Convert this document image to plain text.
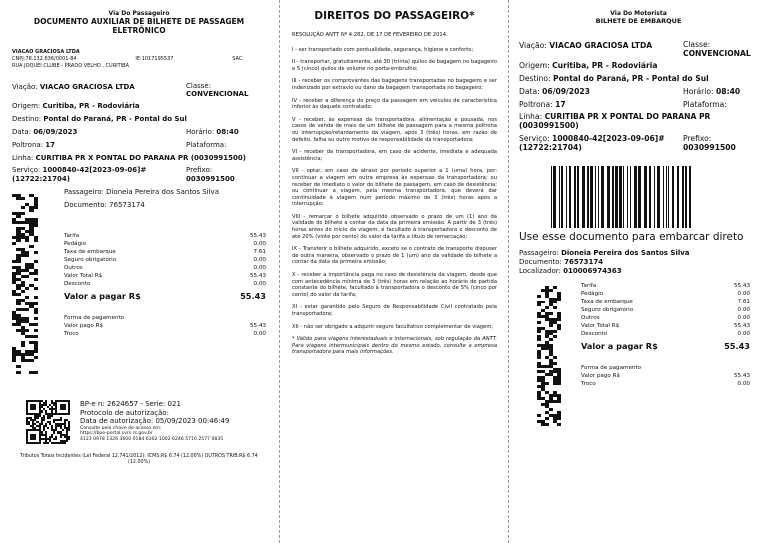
Via Do Passageiro
DOCUMENTO AUXILIAR DE BILHETE DE PASSAGEM ELETRÔNICO
VIACAO GRACIOSA LTDA
CNPJ:78.132.636/0001-84	IE:1017195537	SAC:
RUA JOQUEI CLUBE - PRADO VELHO , CURITIBA
Viação: VIACAO GRACIOSA LTDA	Classe:
CONVENCIONAL
Origem: Curitiba, PR - Rodoviária
Destino: Pontal do Paraná, PR - Pontal do Sul
Data: 06/09/2023	Horário: 08:40
Poltrona: 17	Plataforma:
Linha: CURITIBA PR X PONTAL DO PARANA PR (0030991500)
Serviço: 1000840-42[2023-09-06]#(12722:21704)
Prefixo:
0030991500
Passageiro: Dioneia Pereira dos Santos Silva
Documento: 76573174
Tarifa	55.43
Pedágio	0.00
Taxa de embarque	7.61
Seguro obrigatório	0.00
Outros	0.00
Valor Total R$	55.43
Desconto	0.00
Valor a pagar R$	55.43
Forma de pagamento
Valor pago R$	55.43
Troco	0.00
BP-e n: 2624657 - Serie: 021
Protocolo de autorização:
Data de autorização: 05/09/2023 00:46:49
Consulte pela chave de acesso em:
https://bpe-portal.svrs.rs.gov.br
4123 0978 1326 3600 0184 6302 1002 6246 5716 2577 0835
Tributos Totais Incidentes (Lei Federal 12.741/2012): ICMS:R$ 6.74 (12.00%) OUTROS TRIB:R$ 6.74 (12.00%)
DIREITOS DO PASSAGEIRO*
RESOLUÇÃO ANTT Nº 4.282, DE 17 DE FEVEREIRO DE 2014.
I - ser transportado com pontualidade, segurança, higiene e conforto;
II - transportar, gratuitamente, até 30 (trinta) quilos de bagagem no bagageiro e 5 (cinco) quilos de volume no porta-embrulho;
III - receber os comprovantes das bagagens transportadas no bagageiro e ser indenizado por extravio ou dano da bagagem transportada no bagageiro;
IV - receber a diferença do preço da passagem em veículos de característica inferior às daquele contratado;
V - receber, às expensas da transportadora, alimentação e pousada, nos casos de venda de mais de um bilhete de passagem para a mesma poltrona ou interrupção/retardamento da viagem, após 3 (três) horas, em razão de defeito, falha ou outro motivo de responsabilidade da transportadora;
VI - receber da transportadora, em caso de acidente, imediata e adequada assistência;
VII - optar, em caso de atraso por período superior a 1 (uma) hora, por: continuar a viagem em outra empresa às expensas da transportadora; ou receber de imediato o valor do bilhete de passagem, em caso de desistência; ou continuar a viagem, pela mesma transportadora, que deverá dar continuidade à viagem num período máximo de 3 (três) horas após a interrupção;
VIII - remarcar o bilhete adquirido observado o prazo de um (1) ano da validade do bilhete a contar da data da primeira emissão. A partir de 3 (três) horas antes do início da viagem, é facultado à transportadora o desconto de até 20% (vinte por cento) do valor da tarifa a título de remarcação;
IX - Transferir o bilhete adquirido, exceto se o contrato de transporte dispuser de outra maneira, observado o prazo de 1 (um) ano da validade do bilhete a contar da data da primeira emissão;
X - receber a importância paga no caso de desistência da viagem, desde que com antecedência mínima de 3 (três) horas em relação ao horário de partida constante do bilhete, facultado à transportadora o desconto de 5% (cinco por cento) do valor da tarifa;
XI - estar garantido pelo Seguro de Responsabilidade Civil contratado pela transportadora;
XII - não ser obrigado a adquirir seguro facultativo complementar de viagem;
* Válido para viagens interestaduais e internacionais, sob regulação da ANTT. Para viagens intermunicipais dentro do mesmo estado, consulte a empresa transportadora para mais informações.
Via Do Motorista
BILHETE DE EMBARQUE
Viação: VIACAO GRACIOSA LTDA	Classe:
CONVENCIONAL
Origem: Curitiba, PR - Rodoviária
Destino: Pontal do Paraná, PR - Pontal do Sul
Data: 06/09/2023	Horário: 08:40
Poltrona: 17	Plataforma:
Linha: CURITIBA PR X PONTAL DO PARANA PR (0030991500)
Serviço: 1000840-42[2023-09-06]#(12722:21704)
Prefixo:
0030991500
Use esse documento para embarcar direto
Passageiro: Dioneia Pereira dos Santos Silva
Documento: 76573174
Localizador: 010006974363
Tarifa	55.43
Pedágio	0.00
Taxa de embarque	7.61
Seguro obrigatório	0.00
Outros	0.00
Valor Total R$	55.43
Desconto	0.00
Valor a pagar R$	55.43
Forma de pagamento
Valor pago R$	55.43
Troco	0.00
